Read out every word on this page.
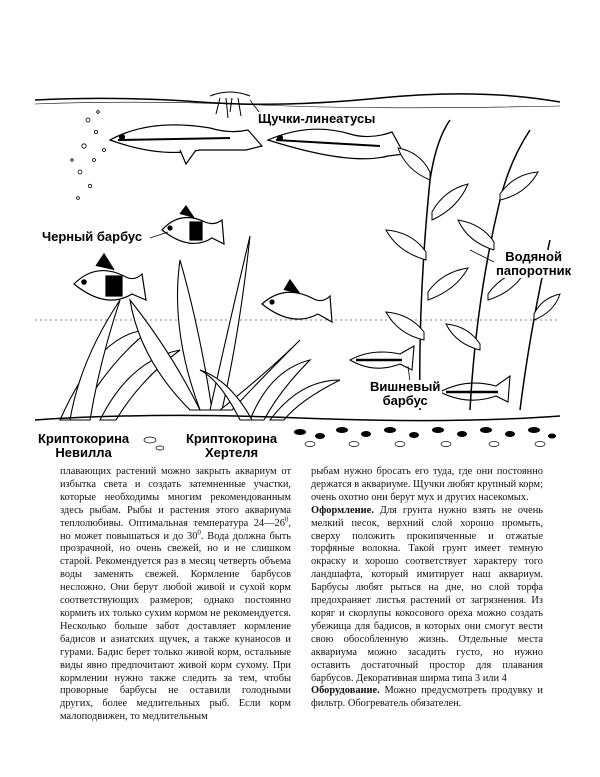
Щучки-линеатусы
Черный барбус
Водяной
папоротник
Вишневый
барбус
Криптокорина
Невилла
Криптокорина
Хертеля

плавающих растений можно закрыть аквариум от избытка света и создать затемненные участки, которые необходимы многим рекомендованным здесь рыбам. Рыбы и растения этого аквариума теплолюбивы. Оптимальная температура $24—26^0$, но может повышаться и до $30^0$. Вода должна быть прозрачной, но очень свежей, но и не слишком старой. Рекомендуется раз в месяц четверть объема воды заменять свежей. Кормление барбусов несложно. Они берут любой живой и сухой корм соответствующих размеров; однако постоянно кормить их только сухим кормом не рекомендуется. Несколько больше забот доставляет кормление бадисов и азиатских щучек, а также кунаносов и гурами. Бадис берет только живой корм, остальные виды явно предпочитают живой корм сухому. При кормлении нужно также следить за тем, чтобы проворные барбусы не оставили голодными других, более медлительных рыб. Если корм малоподвижен, то медлительным

рыбам нужно бросать его туда, где они постоянно держатся в аквариуме. Щучки любят крупный корм; очень охотно они берут мух и других насекомых.

Оформление. Для грунта нужно взять не очень мелкий песок, верхний слой хорошо промыть, сверху положить прокипяченные и отжатые торфяные волокна. Такой грунт имеет темную окраску и хорошо соответствует характеру того ландшафта, который имитирует наш аквариум. Барбусы любят рыться на дне, но слой торфа предохраняет листья растений от загрязнения. Из коряг и скорлупы кокосового ореха можно создать убежища для бадисов, в которых они смогут вести свою обособленную жизнь. Отдельные места аквариума можно засадить густо, но нужно оставить достаточный простор для плавания барбусов. Декоративная ширма типа 3 или 4

Оборудование. Можно предусмотреть продувку и фильтр. Обогреватель обязателен.
